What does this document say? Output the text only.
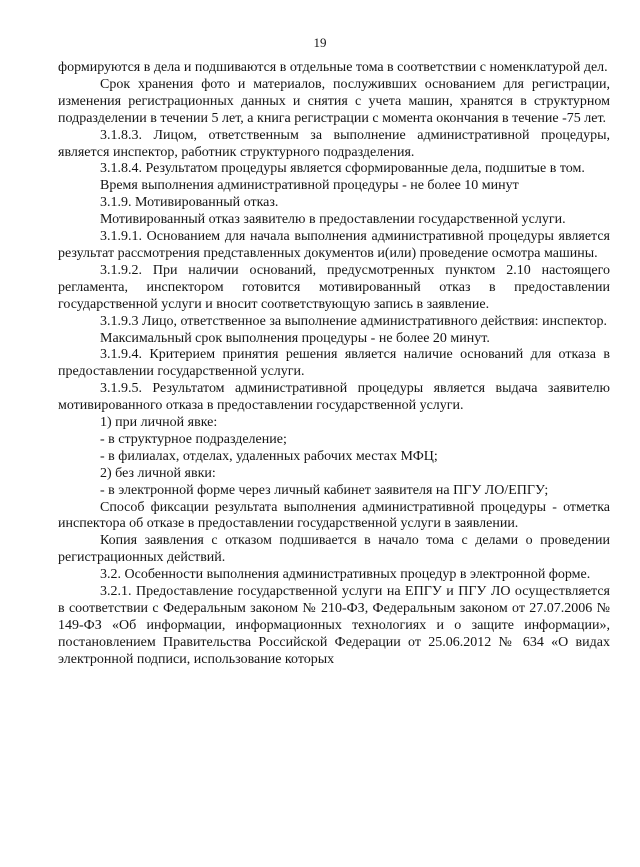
19

формируются в дела и подшиваются в отдельные тома в соответствии с номенклатурой дел.

Срок хранения фото и материалов, послуживших основанием для регистрации, изменения регистрационных данных и снятия с учета машин, хранятся в структурном подразделении в течении 5 лет, а книга регистрации с момента окончания в течение -75 лет.

3.1.8.3. Лицом, ответственным за выполнение административной процедуры, является инспектор, работник структурного подразделения.

3.1.8.4. Результатом процедуры является сформированные дела, подшитые в том.

Время выполнения административной процедуры - не более 10 минут

3.1.9. Мотивированный отказ.

Мотивированный отказ заявителю в предоставлении государственной услуги.

3.1.9.1. Основанием для начала выполнения административной процедуры является результат рассмотрения представленных документов и(или) проведение осмотра машины.

3.1.9.2. При наличии оснований, предусмотренных пунктом 2.10 настоящего регламента, инспектором готовится мотивированный отказ в предоставлении государственной услуги и вносит соответствующую запись в заявление.

3.1.9.3 Лицо, ответственное за выполнение административного действия: инспектор.

Максимальный срок выполнения процедуры - не более 20 минут.

3.1.9.4. Критерием принятия решения является наличие оснований для отказа в предоставлении государственной услуги.

3.1.9.5. Результатом административной процедуры является выдача заявителю мотивированного отказа в предоставлении государственной услуги.

1) при личной явке:

- в структурное подразделение;

- в филиалах, отделах, удаленных рабочих местах МФЦ;

2) без личной явки:

- в электронной форме через личный кабинет заявителя на ПГУ ЛО/ЕПГУ;

Способ фиксации результата выполнения административной процедуры - отметка инспектора об отказе в предоставлении государственной услуги в заявлении.

Копия заявления с отказом подшивается в начало тома с делами о проведении регистрационных действий.

3.2. Особенности выполнения административных процедур в электронной форме.

3.2.1. Предоставление государственной услуги на ЕПГУ и ПГУ ЛО осуществляется в соответствии с Федеральным законом № 210-ФЗ, Федеральным законом от 27.07.2006 № 149-ФЗ «Об информации, информационных технологиях и о защите информации», постановлением Правительства Российской Федерации от 25.06.2012 № 634 «О видах электронной подписи, использование которых
